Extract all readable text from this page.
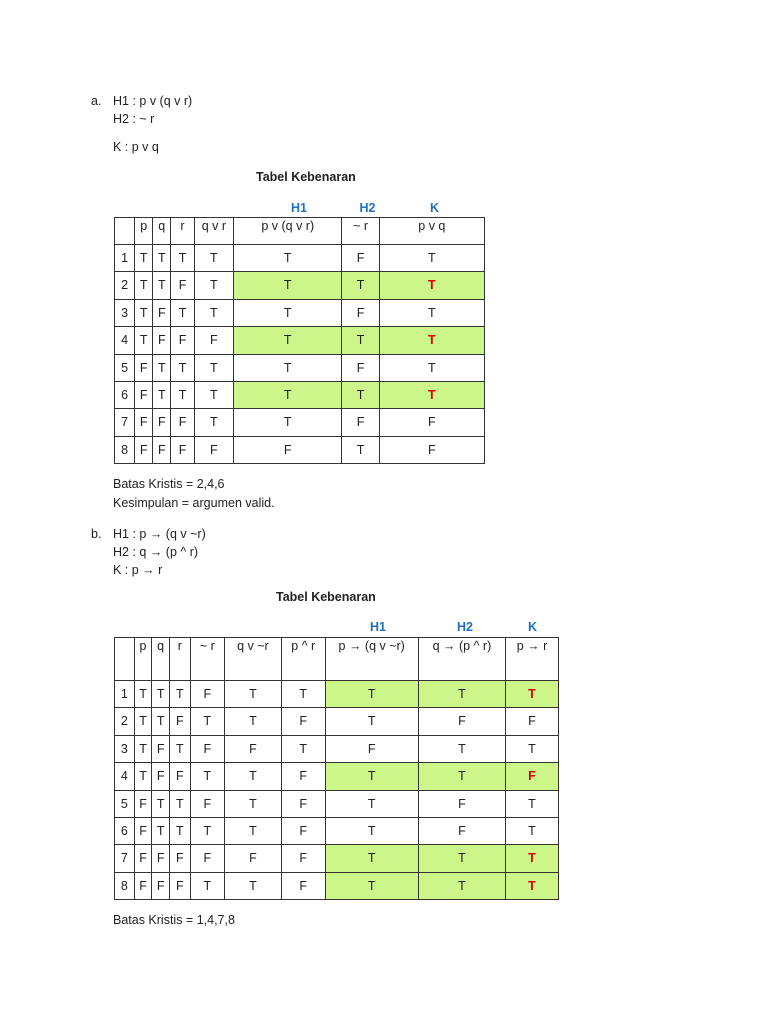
a. H1 : p v (q v r)
H2 : ~ r
K : p v q
Tabel Kebenaran
H1	H2	K
	p	q	r	q v r	p v (q v r)	~ r	p v q
1	T	T	T	T	T	F	T
2	T	T	F	T	T	T	T
3	T	F	T	T	T	F	T
4	T	F	F	F	T	T	T
5	F	T	T	T	T	F	T
6	F	T	T	T	T	T	T
7	F	F	F	T	T	F	F
8	F	F	F	F	F	T	F
Batas Kristis = 2,4,6
Kesimpulan = argumen valid.
b. H1 : p → (q v ~r)
H2 : q → (p ^ r)
K : p → r
Tabel Kebenaran
H1	H2	K
	p	q	r	~ r	q v ~r	p ^ r	p → (q v ~r)	q → (p ^ r)	p → r
1	T	T	T	F	T	T	T	T	T
2	T	T	F	T	T	F	T	F	F
3	T	F	T	F	F	T	F	T	T
4	T	F	F	T	T	F	T	T	F
5	F	T	T	F	T	F	T	F	T
6	F	T	T	T	T	F	T	F	T
7	F	F	F	F	F	F	T	T	T
8	F	F	F	T	T	F	T	T	T
Batas Kristis = 1,4,7,8
